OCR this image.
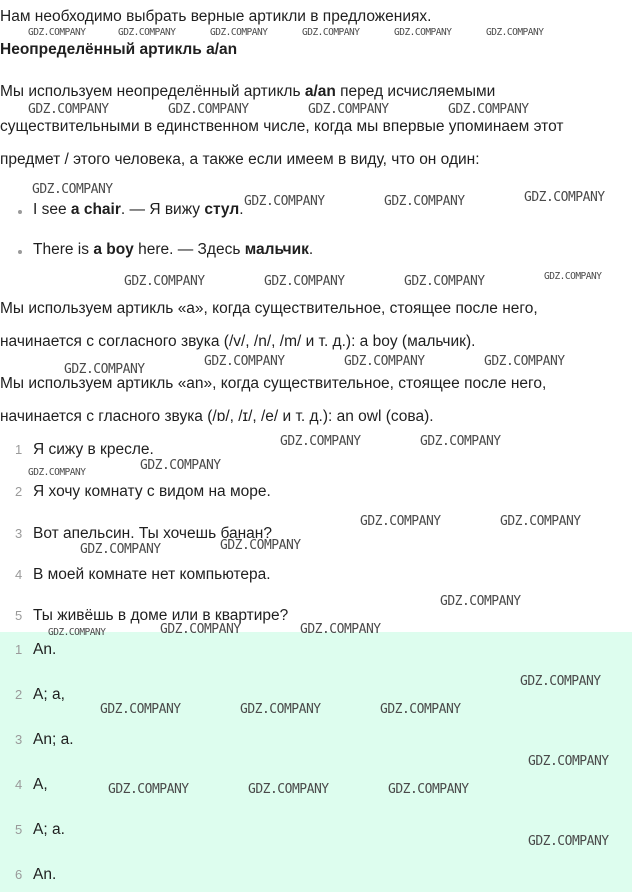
Нам необходимо выбрать верные артикли в предложениях.
Неопределённый артикль a/an
Мы используем неопределённый артикль a/an перед исчисляемыми
существительными в единственном числе, когда мы впервые упоминаем этот
предмет / этого человека, а также если имеем в виду, что он один:
I see a chair. — Я вижу стул.
There is a boy here. — Здесь мальчик.
Мы используем артикль «a», когда существительное, стоящее после него,
начинается с согласного звука (/v/, /n/, /m/ и т. д.): a boy (мальчик).
Мы используем артикль «an», когда существительное, стоящее после него,
начинается с гласного звука (/ɒ/, /ɪ/, /e/ и т. д.): an owl (сова).
1 Я сижу в кресле.
2 Я хочу комнату с видом на море.
3 Вот апельсин. Ты хочешь банан?
4 В моей комнате нет компьютера.
5 Ты живёшь в доме или в квартире?
1 An.
2 A; a,
3 An; a.
4 A,
5 A; a.
6 An.
GDZ.COMPANY	GDZ.COMPANY	GDZ.COMPANY	GDZ.COMPANY	GDZ.COMPANY	GDZ.COMPANY
GDZ.COMPANY	GDZ.COMPANY	GDZ.COMPANY	GDZ.COMPANY
GDZ.COMPANY
GDZ.COMPANY	GDZ.COMPANY	GDZ.COMPANY
GDZ.COMPANY	GDZ.COMPANY	GDZ.COMPANY	GDZ.COMPANY
GDZ.COMPANY
GDZ.COMPANY	GDZ.COMPANY	GDZ.COMPANY
GDZ.COMPANY	GDZ.COMPANY
GDZ.COMPANY
GDZ.COMPANY
GDZ.COMPANY	GDZ.COMPANY
GDZ.COMPANY	GDZ.COMPANY
GDZ.COMPANY
GDZ.COMPANY	GDZ.COMPANY	GDZ.COMPANY
GDZ.COMPANY
GDZ.COMPANY	GDZ.COMPANY	GDZ.COMPANY
GDZ.COMPANY
GDZ.COMPANY	GDZ.COMPANY	GDZ.COMPANY
GDZ.COMPANY
